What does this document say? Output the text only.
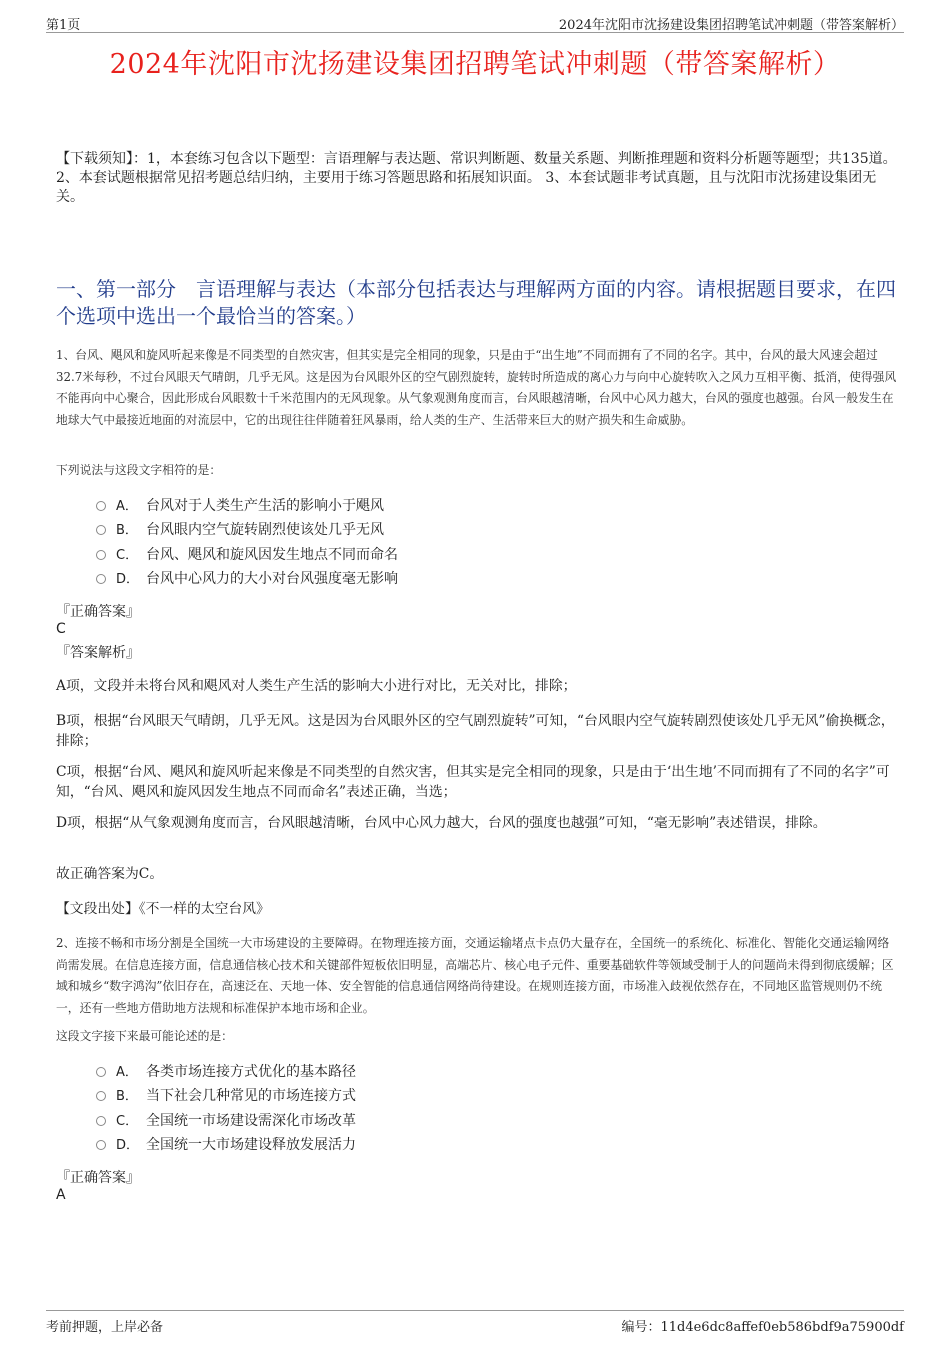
第1页	2024年沈阳市沈扬建设集团招聘笔试冲刺题（带答案解析）
2024年沈阳市沈扬建设集团招聘笔试冲刺题（带答案解析）
【下载须知】：1，本套练习包含以下题型：言语理解与表达题、常识判断题、数量关系题、判断推理题和资料分析题等题型；共135道。 2、本套试题根据常见招考题总结归纳，主要用于练习答题思路和拓展知识面。 3、本套试题非考试真题，且与沈阳市沈扬建设集团无关。
一、第一部分　言语理解与表达（本部分包括表达与理解两方面的内容。请根据题目要求，在四个选项中选出一个最恰当的答案。）
1、台风、飓风和旋风听起来像是不同类型的自然灾害，但其实是完全相同的现象，只是由于“出生地”不同而拥有了不同的名字。其中，台风的最大风速会超过32.7米每秒，不过台风眼天气晴朗，几乎无风。这是因为台风眼外区的空气剧烈旋转，旋转时所造成的离心力与向中心旋转吹入之风力互相平衡、抵消，使得强风不能再向中心聚合，因此形成台风眼数十千米范围内的无风现象。从气象观测角度而言，台风眼越清晰，台风中心风力越大，台风的强度也越强。台风一般发生在地球大气中最接近地面的对流层中，它的出现往往伴随着狂风暴雨，给人类的生产、生活带来巨大的财产损失和生命威胁。
下列说法与这段文字相符的是：
A． 台风对于人类生产生活的影响小于飓风
B． 台风眼内空气旋转剧烈使该处几乎无风
C． 台风、飓风和旋风因发生地点不同而命名
D． 台风中心风力的大小对台风强度毫无影响
『正确答案』
C
『答案解析』
A项，文段并未将台风和飓风对人类生产生活的影响大小进行对比，无关对比，排除；
B项，根据“台风眼天气晴朗，几乎无风。这是因为台风眼外区的空气剧烈旋转”可知，“台风眼内空气旋转剧烈使该处几乎无风”偷换概念，排除；
C项，根据“台风、飓风和旋风听起来像是不同类型的自然灾害，但其实是完全相同的现象，只是由于‘出生地’不同而拥有了不同的名字”可知，“台风、飓风和旋风因发生地点不同而命名”表述正确，当选；
D项，根据“从气象观测角度而言，台风眼越清晰，台风中心风力越大，台风的强度也越强”可知，“毫无影响”表述错误，排除。
故正确答案为C。
【文段出处】《不一样的太空台风》
2、连接不畅和市场分割是全国统一大市场建设的主要障碍。在物理连接方面，交通运输堵点卡点仍大量存在，全国统一的系统化、标准化、智能化交通运输网络尚需发展。在信息连接方面，信息通信核心技术和关键部件短板依旧明显，高端芯片、核心电子元件、重要基础软件等领域受制于人的问题尚未得到彻底缓解；区域和城乡“数字鸿沟”依旧存在，高速泛在、天地一体、安全智能的信息通信网络尚待建设。在规则连接方面，市场准入歧视依然存在，不同地区监管规则仍不统一，还有一些地方借助地方法规和标准保护本地市场和企业。
这段文字接下来最可能论述的是：
A． 各类市场连接方式优化的基本路径
B． 当下社会几种常见的市场连接方式
C． 全国统一市场建设需深化市场改革
D． 全国统一大市场建设释放发展活力
『正确答案』
A
考前押题，上岸必备	编号：11d4e6dc8affef0eb586bdf9a75900df
